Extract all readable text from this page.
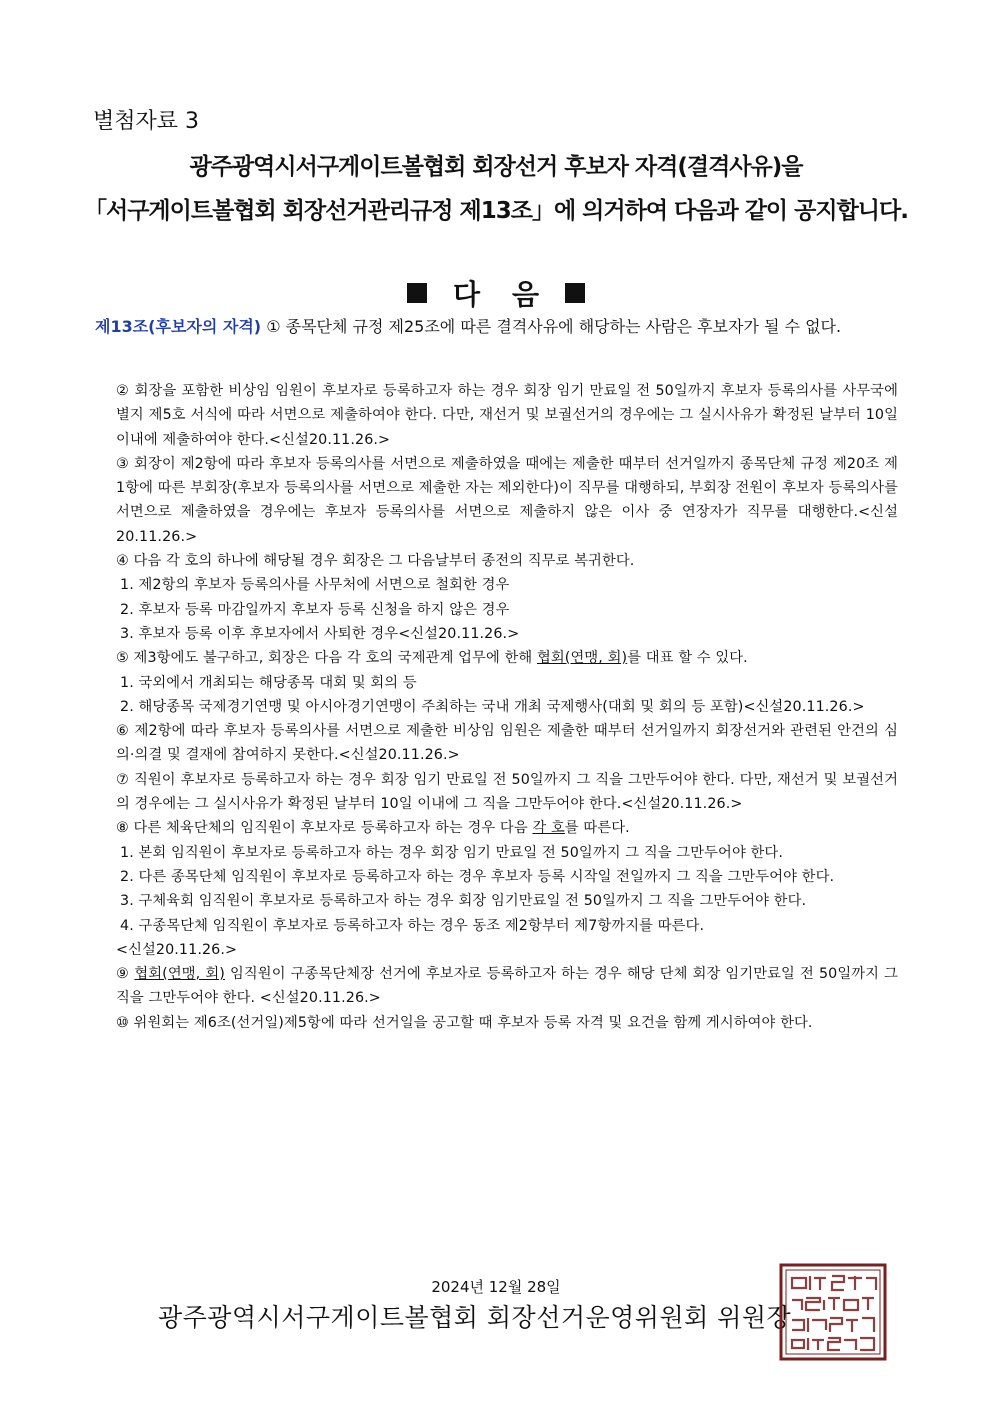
별첨자료 3
광주광역시서구게이트볼협회 회장선거 후보자 자격(결격사유)을
「서구게이트볼협회 회장선거관리규정 제13조」에 의거하여 다음과 같이 공지합니다.
다 음
제13조(후보자의 자격) ① 종목단체 규정 제25조에 따른 결격사유에 해당하는 사람은 후보자가 될 수 없다.

② 회장을 포함한 비상임 임원이 후보자로 등록하고자 하는 경우 회장 임기 만료일 전 50일까지 후보자 등록의사를 사무국에 별지 제5호 서식에 따라 서면으로 제출하여야 한다. 다만, 재선거 및 보궐선거의 경우에는 그 실시사유가 확정된 날부터 10일 이내에 제출하여야 한다.<신설20.11.26.>

③ 회장이 제2항에 따라 후보자 등록의사를 서면으로 제출하였을 때에는 제출한 때부터 선거일까지 종목단체 규정 제20조 제1항에 따른 부회장(후보자 등록의사를 서면으로 제출한 자는 제외한다)이 직무를 대행하되, 부회장 전원이 후보자 등록의사를 서면으로 제출하였을 경우에는 후보자 등록의사를 서면으로 제출하지 않은 이사 중 연장자가 직무를 대행한다.<신설20.11.26.>

④ 다음 각 호의 하나에 해당될 경우 회장은 그 다음날부터 종전의 직무로 복귀한다.

1. 제2항의 후보자 등록의사를 사무처에 서면으로 철회한 경우

2. 후보자 등록 마감일까지 후보자 등록 신청을 하지 않은 경우

3. 후보자 등록 이후 후보자에서 사퇴한 경우<신설20.11.26.>

⑤ 제3항에도 불구하고, 회장은 다음 각 호의 국제관계 업무에 한해 협회(연맹, 회)를 대표 할 수 있다.

1. 국외에서 개최되는 해당종목 대회 및 회의 등

2. 해당종목 국제경기연맹 및 아시아경기연맹이 주최하는 국내 개최 국제행사(대회 및 회의 등 포함)<신설20.11.26.>

⑥ 제2항에 따라 후보자 등록의사를 서면으로 제출한 비상임 임원은 제출한 때부터 선거일까지 회장선거와 관련된 안건의 심의·의결 및 결재에 참여하지 못한다.<신설20.11.26.>

⑦ 직원이 후보자로 등록하고자 하는 경우 회장 임기 만료일 전 50일까지 그 직을 그만두어야 한다. 다만, 재선거 및 보궐선거의 경우에는 그 실시사유가 확정된 날부터 10일 이내에 그 직을 그만두어야 한다.<신설20.11.26.>

⑧ 다른 체육단체의 임직원이 후보자로 등록하고자 하는 경우 다음 각 호를 따른다.

1. 본회 임직원이 후보자로 등록하고자 하는 경우 회장 임기 만료일 전 50일까지 그 직을 그만두어야 한다.

2. 다른 종목단체 임직원이 후보자로 등록하고자 하는 경우 후보자 등록 시작일 전일까지 그 직을 그만두어야 한다.

3. 구체육회 임직원이 후보자로 등록하고자 하는 경우 회장 임기만료일 전 50일까지 그 직을 그만두어야 한다.

4. 구종목단체 임직원이 후보자로 등록하고자 하는 경우 동조 제2항부터 제7항까지를 따른다.

<신설20.11.26.>

⑨ 협회(연맹, 회) 임직원이 구종목단체장 선거에 후보자로 등록하고자 하는 경우 해당 단체 회장 임기만료일 전 50일까지 그 직을 그만두어야 한다. <신설20.11.26.>

⑩ 위원회는 제6조(선거일)제5항에 따라 선거일을 공고할 때 후보자 등록 자격 및 요건을 함께 게시하여야 한다.

2024년 12월 28일
광주광역시서구게이트볼협회 회장선거운영위원회 위원장
